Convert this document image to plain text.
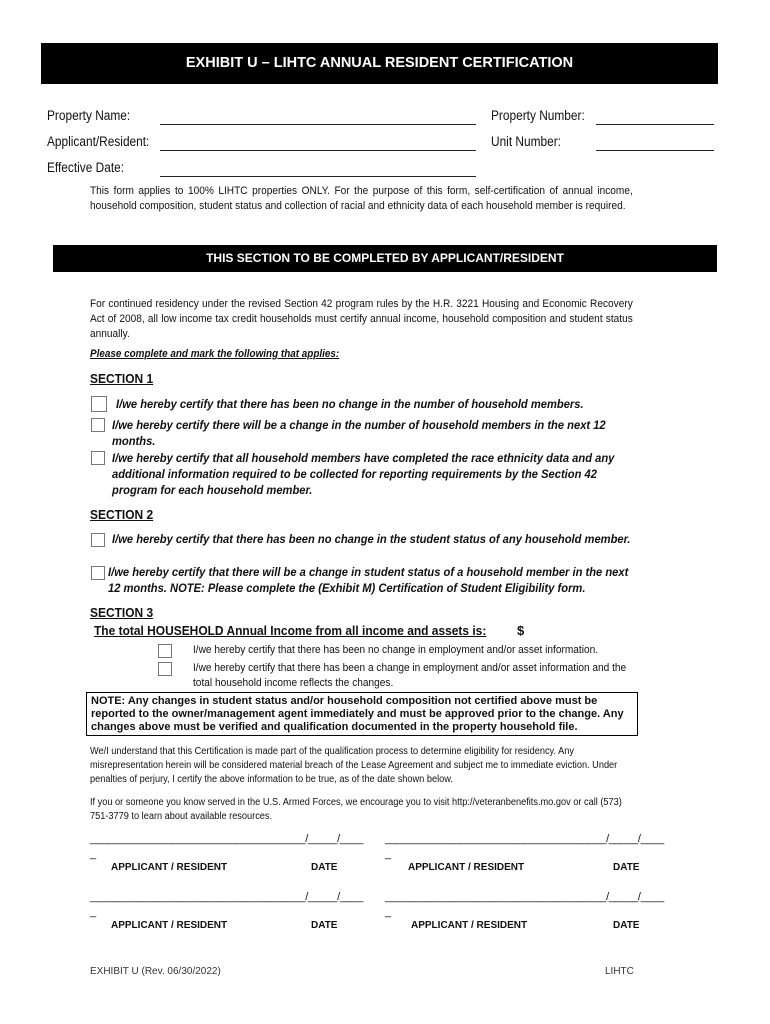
EXHIBIT U – LIHTC ANNUAL RESIDENT CERTIFICATION
Property Name:	Property Number:
Applicant/Resident:	Unit Number:
Effective Date:
This form applies to 100% LIHTC properties ONLY. For the purpose of this form, self-certification of annual income, household composition, student status and collection of racial and ethnicity data of each household member is required.
THIS SECTION TO BE COMPLETED BY APPLICANT/RESIDENT
For continued residency under the revised Section 42 program rules by the H.R. 3221 Housing and Economic Recovery Act of 2008, all low income tax credit households must certify annual income, household composition and student status annually.
Please complete and mark the following that applies:
SECTION 1
I/we hereby certify that there has been no change in the number of household members.
I/we hereby certify there will be a change in the number of household members in the next 12 months.
I/we hereby certify that all household members have completed the race ethnicity data and any additional information required to be collected for reporting requirements by the Section 42 program for each household member.
SECTION 2
I/we hereby certify that there has been no change in the student status of any household member.
I/we hereby certify that there will be a change in student status of a household member in the next 12 months. NOTE: Please complete the (Exhibit M) Certification of Student Eligibility form.
SECTION 3
The total HOUSEHOLD Annual Income from all income and assets is: $
I/we hereby certify that there has been no change in employment and/or asset information.
I/we hereby certify that there has been a change in employment and/or asset information and the total household income reflects the changes.
NOTE: Any changes in student status and/or household composition not certified above must be reported to the owner/management agent immediately and must be approved prior to the change. Any changes above must be verified and qualification documented in the property household file.
We/I understand that this Certification is made part of the qualification process to determine eligibility for residency. Any misrepresentation herein will be considered material breach of the Lease Agreement and subject me to immediate eviction. Under penalties of perjury, I certify the above information to be true, as of the date shown below.
If you or someone you know served in the U.S. Armed Forces, we encourage you to visit http://veteranbenefits.mo.gov or call (573) 751-3779 to learn about available resources.
_____________________________________/_____/____
_
______________________________________/_____/____
_
APPLICANT / RESIDENT	DATE	APPLICANT / RESIDENT	DATE
_____________________________________/_____/____
_
______________________________________/_____/____
_
APPLICANT / RESIDENT	DATE	APPLICANT / RESIDENT	DATE
EXHIBIT U (Rev. 06/30/2022)	LIHTC
